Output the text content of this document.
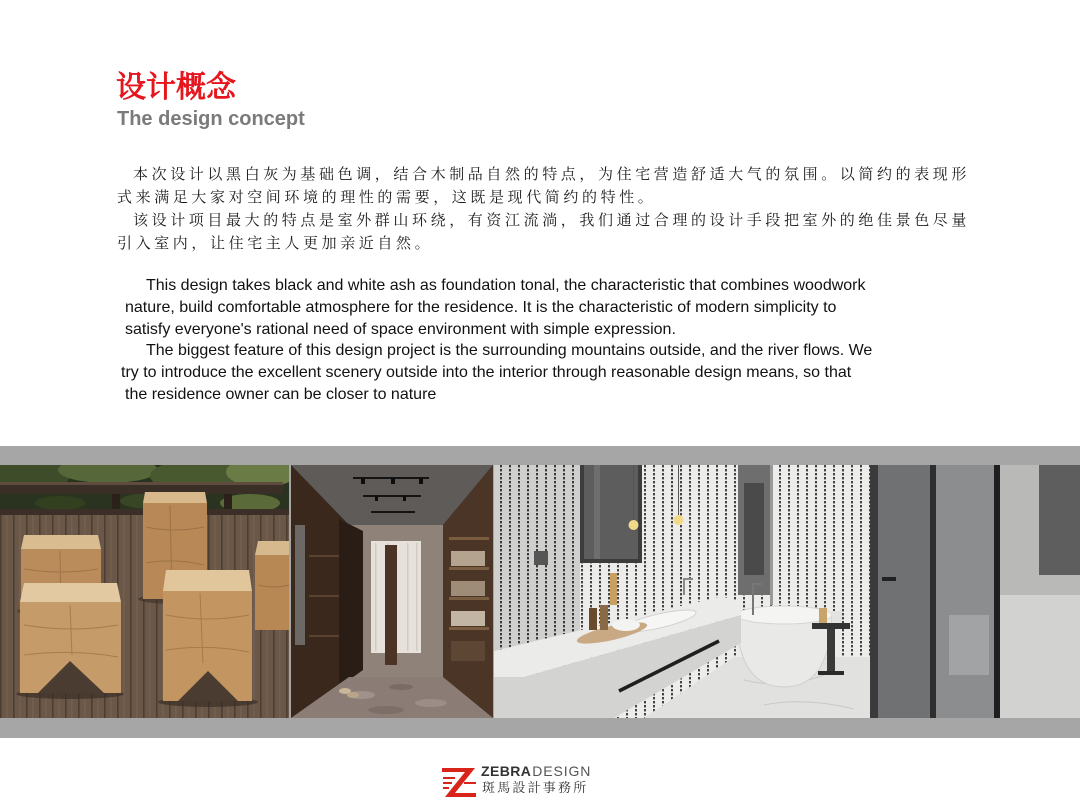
设计概念
The design concept
本次设计以黑白灰为基础色调，结合木制品自然的特点，为住宅营造舒适大气的氛围。以简约的表现形
式来满足大家对空间环境的理性的需要，这既是现代简约的特性。
该设计项目最大的特点是室外群山环绕，有资江流淌，我们通过合理的设计手段把室外的绝佳景色尽量
引入室内，让住宅主人更加亲近自然。
This design takes black and white ash as foundation tonal, the characteristic that combines woodwork
nature, build comfortable atmosphere for the residence. It is the characteristic of modern simplicity to
satisfy everyone's rational need of space environment with simple expression.
The biggest feature of this design project is the surrounding mountains outside, and the river flows. We
try to introduce the excellent scenery outside into the interior through reasonable design means, so that
the residence owner can be closer to nature
ZEBRADESIGN
斑馬設計事務所
